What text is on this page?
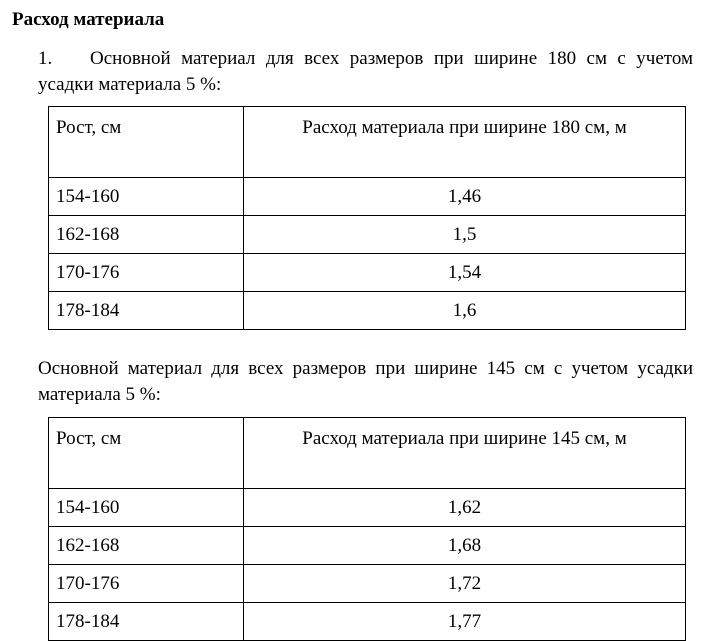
Расход материала
1. Основной материал для всех размеров при ширине 180 см с учетом усадки материала 5 %:
Рост, см	Расход материала при ширине 180 см, м
154-160	1,46
162-168	1,5
170-176	1,54
178-184	1,6
Основной материал для всех размеров при ширине 145 см с учетом усадки материала 5 %:
Рост, см	Расход материала при ширине 145 см, м
154-160	1,62
162-168	1,68
170-176	1,72
178-184	1,77
